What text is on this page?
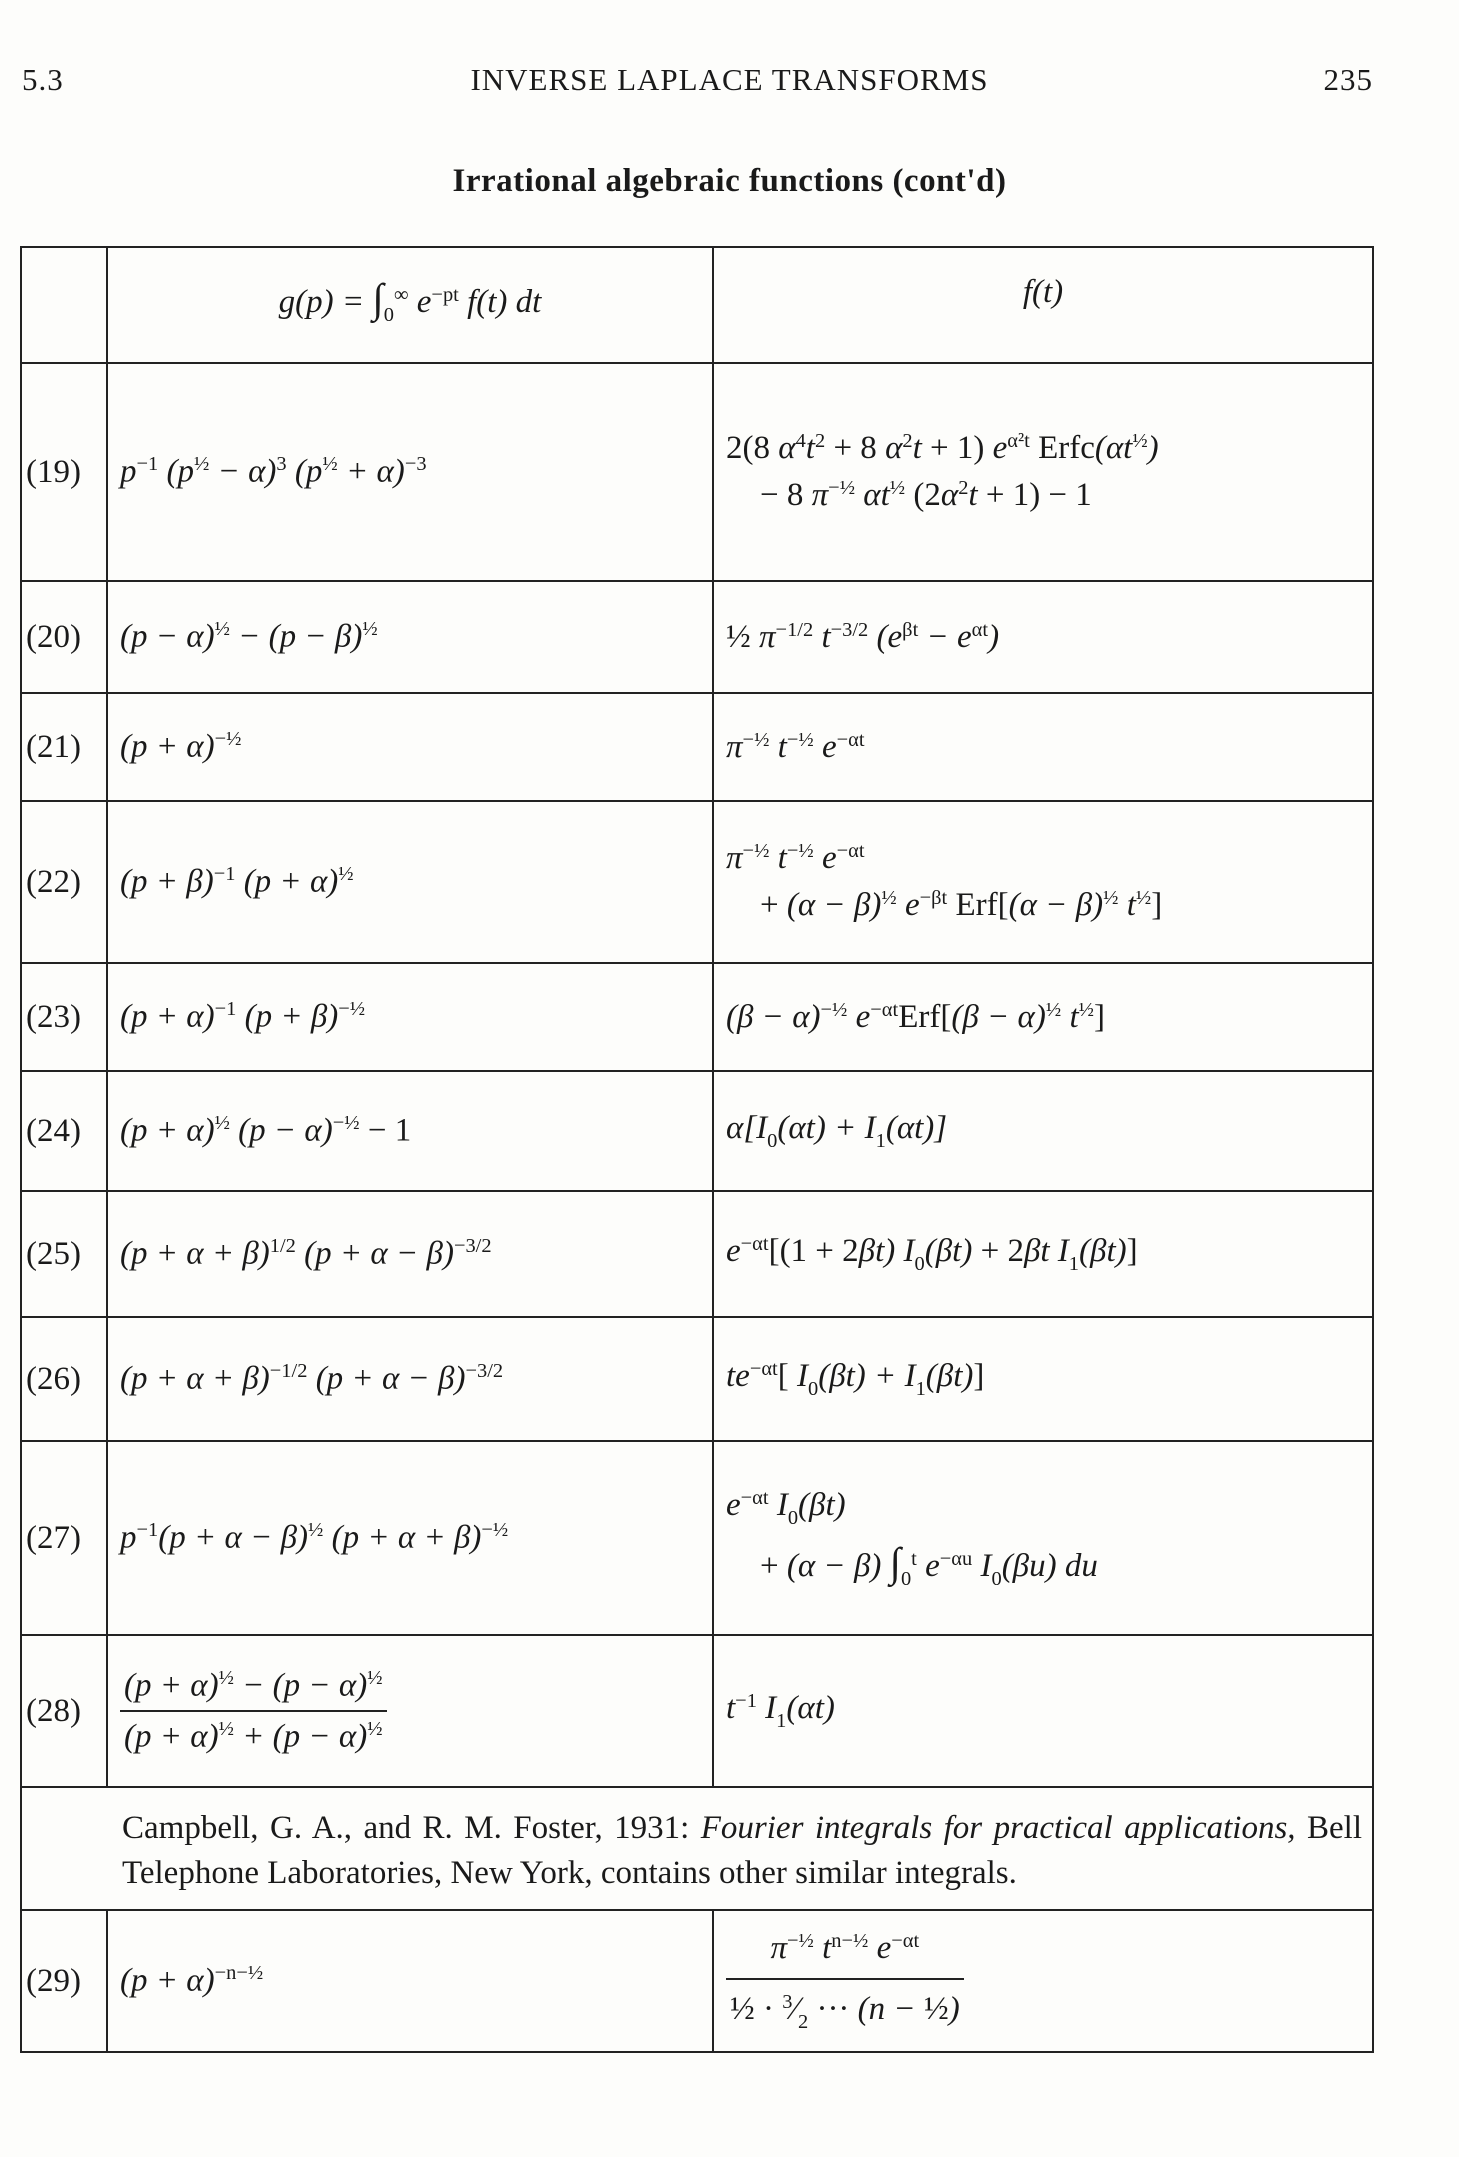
5.3	INVERSE LAPLACE TRANSFORMS	235
Irrational algebraic functions (cont'd)
	$g(p) = \int_0^\infty$ $e^{-pt}$ f(t) dt	f(t)
(19)	$p^{-1}$ $(p^{\frac{1}{2}} - \alpha)^3$ $(p^{\frac{1}{2}} + \alpha)^{-3}$	2(8 $\alpha^4t^2 + 8$ $\alpha^2t + 1$) $e^{\alpha^2t}$ $Erfc(\alpha t^{\frac{1}{2}})$
− 8 $\pi^{-\frac{1}{2}}$ $\alpha t^{\frac{1}{2}}$ $(2\alpha^2t + 1) - 1$

(20)	$(p - \alpha)^{\frac{1}{2}} - (p - \beta)^{\frac{1}{2}}$	½ $\pi^{-1/2}$ $t^{-3/2}$ $(e^{\beta t} - e^{\alpha t})$
(21)	$(p + \alpha)^{-\frac{1}{2}}$	$\pi^{-\frac{1}{2}}$ $t^{-\frac{1}{2}}$ $e^{-\alpha t}$
(22)	$(p + \beta)^{-1}$ $(p + \alpha)^{\frac{1}{2}}$	$\pi^{-\frac{1}{2}}$ $t^{-\frac{1}{2}}$ $e^{-\alpha t}$
+ $(\alpha - \beta)^{\frac{1}{2}}$ $e^{-\beta t}$ $Erf[(\alpha - \beta)^{\frac{1}{2}}$ $t^{\frac{1}{2}}$]

(23)	$(p + \alpha)^{-1}$ $(p + \beta)^{-\frac{1}{2}}$	$(\beta - \alpha)^{-\frac{1}{2}}$ $e^{-\alpha t}Erf[(\beta - \alpha)^{\frac{1}{2}}$ $t^{\frac{1}{2}}$]
(24)	$(p + \alpha)^{\frac{1}{2}}$ $(p - \alpha)^{-\frac{1}{2}} - 1$	$\alpha[I_0(\alpha t) + I_1(\alpha t)]$
(25)	$(p + \alpha + \beta)^{1/2}$ $(p + \alpha - \beta)^{-3/2}$	$e^{-\alpha t}[(1 + 2\beta t) I_0(\beta t) + 2\beta t$ $I_1(\beta t)$]
(26)	$(p + \alpha + \beta)^{-1/2}$ $(p + \alpha - \beta)^{-3/2}$	$te^{-\alpha t}$[ $I_0(\beta t) + I_1(\beta t)$]
(27)	$p^{-1}(p + \alpha - \beta)^{\frac{1}{2}}$ $(p + \alpha + \beta)^{-\frac{1}{2}}$	$e^{-\alpha t}$ $I_0(\beta t)$
+ (α − β) $\int_0^t$ $e^{-\alpha u}$ $I_0(\beta u)$ du

(28)	$\frac{(p + \alpha)^{\frac{1}{2}} - (p - \alpha)^{\frac{1}{2}}}{(p + \alpha)^{\frac{1}{2}} + (p - \alpha)^{\frac{1}{2}}}$	$t^{-1}$ $I_1(\alpha t)$
Campbell, G. A., and R. M. Foster, 1931: Fourier integrals for practical applications, Bell Telephone Laboratories, New York, contains other similar integrals.		
(29)	$(p + \alpha)^{-n-\frac{1}{2}}$	$\frac{\pi^{-\frac{1}{2}} t^{n-\frac{1}{2}} e^{-\alpha t}}{\frac{1}{2} \cdot ^3⁄_2 \cdot\cdot\cdot (n - \frac{1}{2})}$
